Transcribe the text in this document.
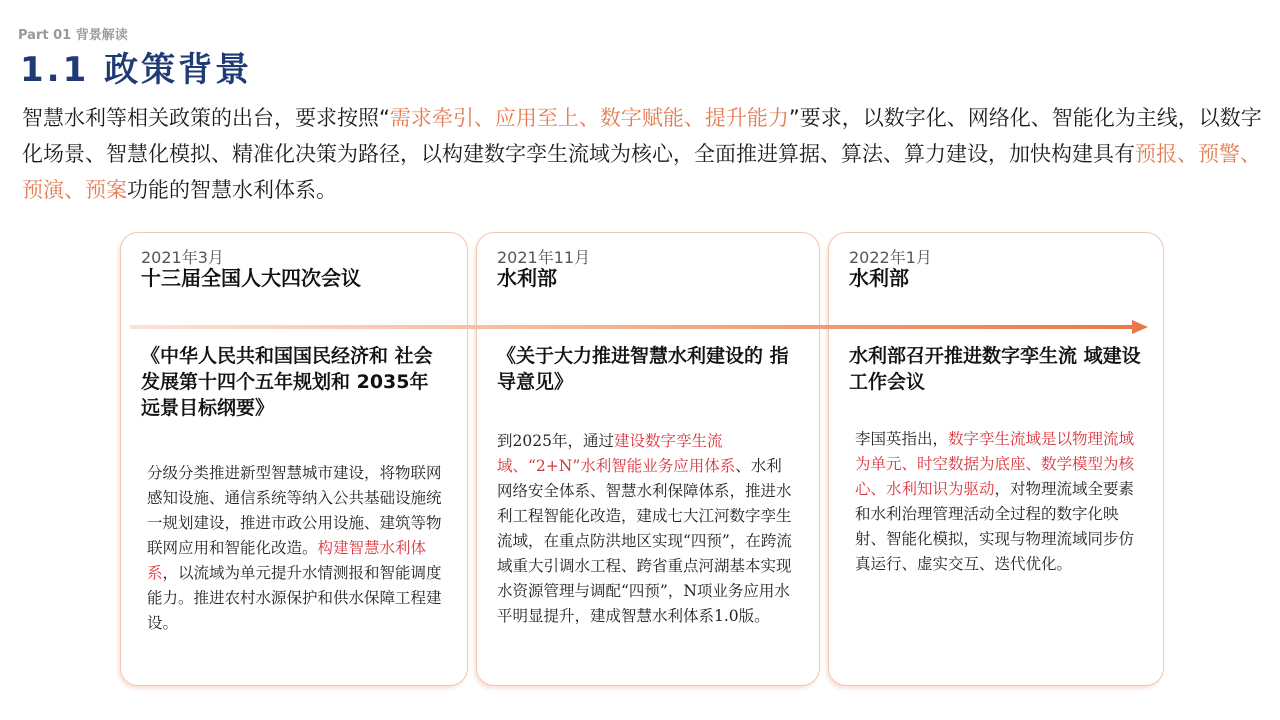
Part 01 背景解读
1.1 政策背景
智慧水利等相关政策的出台，要求按照“需求牵引、应用至上、数字赋能、提升能力”要求，以数字化、网络化、智能化为主线，以数字化场景、智慧化模拟、精准化决策为路径，以构建数字孪生流域为核心，全面推进算据、算法、算力建设，加快构建具有预报、预警、预演、预案功能的智慧水利体系。
2021年3月
十三届全国人大四次会议
《中华人民共和国国民经济和 社会发展第十四个五年规划和 2035年远景目标纲要》
分级分类推进新型智慧城市建设，将物联网感知设施、通信系统等纳入公共基础设施统一规划建设，推进市政公用设施、建筑等物联网应用和智能化改造。构建智慧水利体系，以流域为单元提升水情测报和智能调度能力。推进农村水源保护和供水保障工程建设。
2021年11月
水利部
《关于大力推进智慧水利建设的 指导意见》
到2025年，通过建设数字孪生流域、“2+N”水利智能业务应用体系、水利网络安全体系、智慧水利保障体系，推进水利工程智能化改造，建成七大江河数字孪生流域，在重点防洪地区实现“四预”，在跨流域重大引调水工程、跨省重点河湖基本实现水资源管理与调配“四预”，N项业务应用水平明显提升，建成智慧水利体系1.0版。
2022年1月
水利部
水利部召开推进数字孪生流 域建设工作会议
李国英指出，数字孪生流域是以物理流域为单元、时空数据为底座、数学模型为核心、水利知识为驱动，对物理流域全要素和水利治理管理活动全过程的数字化映射、智能化模拟，实现与物理流域同步仿真运行、虚实交互、迭代优化。
